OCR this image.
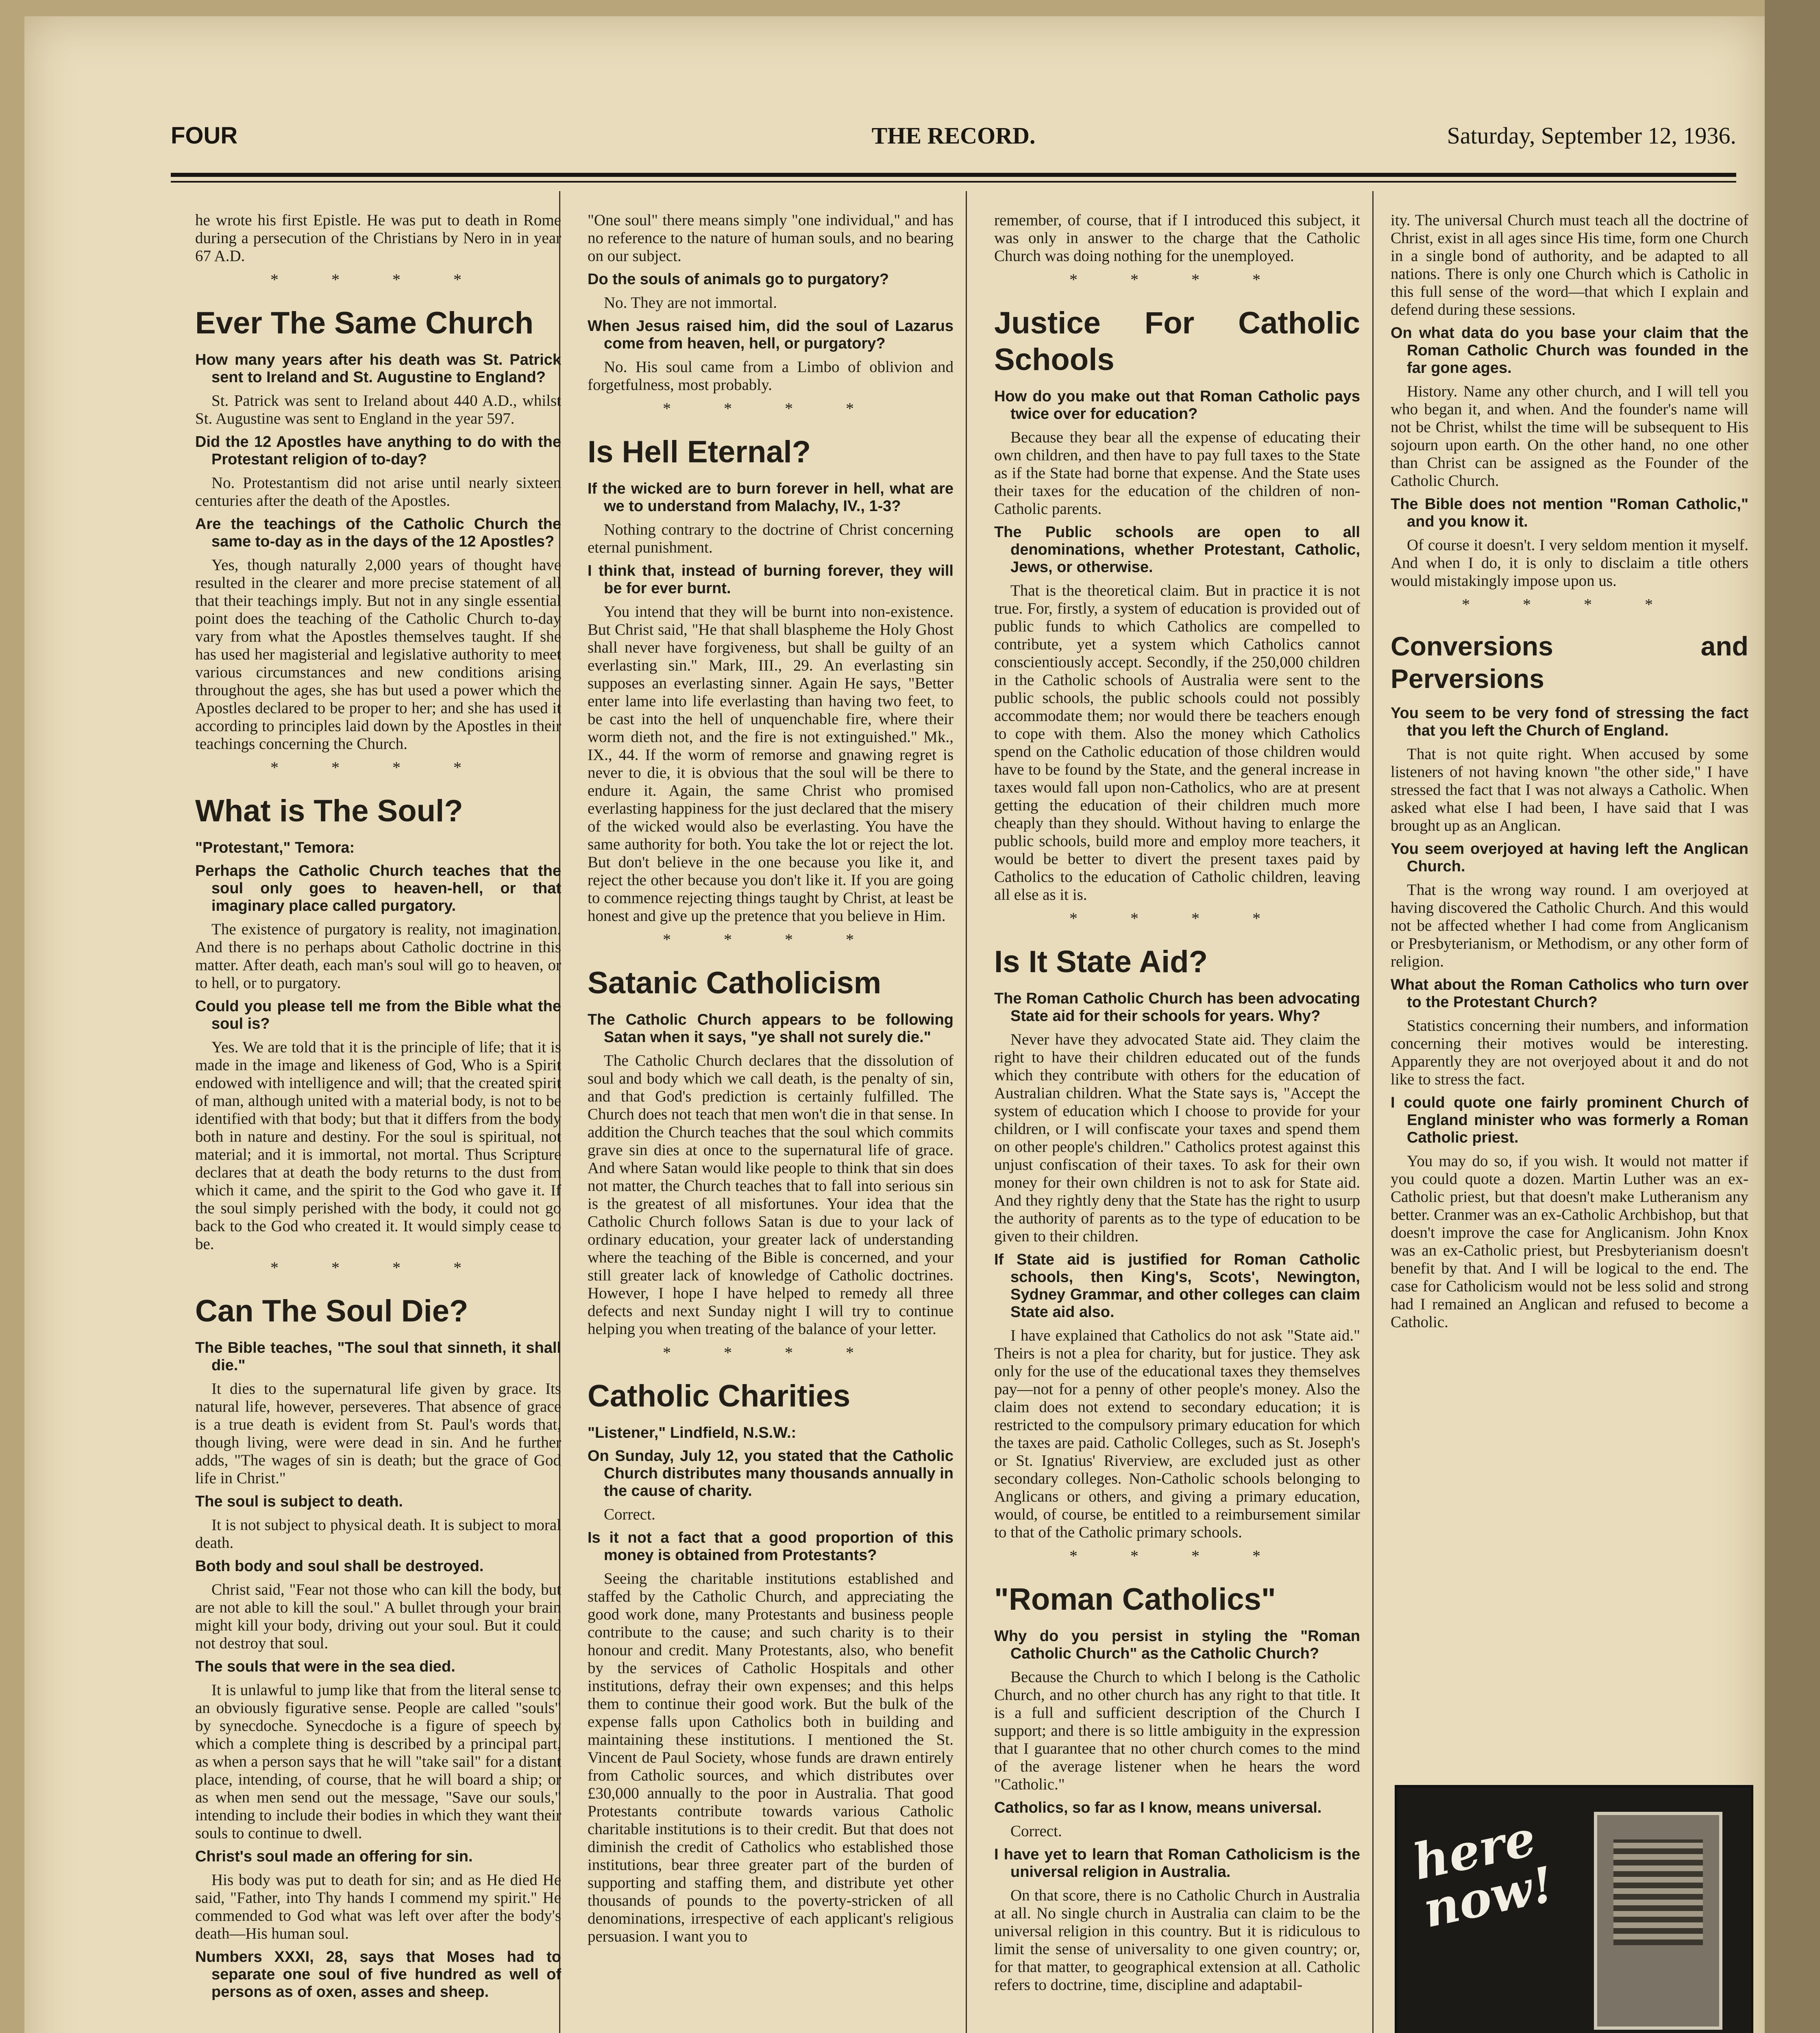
FOUR	THE RECORD.	Saturday, September 12, 1936.

he wrote his first Epistle. He was put to death in Rome during a persecution of the Christians by Nero in in year 67 A.D.

* * * *
Ever The Same Church
How many years after his death was St. Patrick sent to Ireland and St. Augustine to England?

St. Patrick was sent to Ireland about 440 A.D., whilst St. Augustine was sent to England in the year 597.

Did the 12 Apostles have anything to do with the Protestant religion of to-day?

No. Protestantism did not arise until nearly sixteen centuries after the death of the Apostles.

Are the teachings of the Catholic Church the same to-day as in the days of the 12 Apostles?

Yes, though naturally 2,000 years of thought have resulted in the clearer and more precise statement of all that their teachings imply. But not in any single essential point does the teaching of the Catholic Church to-day vary from what the Apostles themselves taught. If she has used her magisterial and legislative authority to meet various circumstances and new conditions arising throughout the ages, she has but used a power which the Apostles declared to be proper to her; and she has used it according to principles laid down by the Apostles in their teachings concerning the Church.

* * * *
What is The Soul?
"Protestant," Temora:
Perhaps the Catholic Church teaches that the soul only goes to heaven-hell, or that imaginary place called purgatory.

The existence of purgatory is reality, not imagination. And there is no perhaps about Catholic doctrine in this matter. After death, each man's soul will go to heaven, or to hell, or to purgatory.

Could you please tell me from the Bible what the soul is?

Yes. We are told that it is the principle of life; that it is made in the image and likeness of God, Who is a Spirit endowed with intelligence and will; that the created spirit of man, although united with a material body, is not to be identified with that body; but that it differs from the body both in nature and destiny. For the soul is spiritual, not material; and it is immortal, not mortal. Thus Scripture declares that at death the body returns to the dust from which it came, and the spirit to the God who gave it. If the soul simply perished with the body, it could not go back to the God who created it. It would simply cease to be.

* * * *
Can The Soul Die?
The Bible teaches, "The soul that sinneth, it shall die."

It dies to the supernatural life given by grace. Its natural life, however, perseveres. That absence of grace is a true death is evident from St. Paul's words that, though living, were were dead in sin. And he further adds, "The wages of sin is death; but the grace of God life in Christ."

The soul is subject to death.

It is not subject to physical death. It is subject to moral death.

Both body and soul shall be destroyed.

Christ said, "Fear not those who can kill the body, but are not able to kill the soul." A bullet through your brain might kill your body, driving out your soul. But it could not destroy that soul.

The souls that were in the sea died.

It is unlawful to jump like that from the literal sense to an obviously figurative sense. People are called "souls" by synecdoche. Synecdoche is a figure of speech by which a complete thing is described by a principal part, as when a person says that he will "take sail" for a distant place, intending, of course, that he will board a ship; or as when men send out the message, "Save our souls," intending to include their bodies in which they want their souls to continue to dwell.

Christ's soul made an offering for sin.

His body was put to death for sin; and as He died He said, "Father, into Thy hands I commend my spirit." He commended to God what was left over after the body's death—His human soul.

Numbers XXXI, 28, says that Moses had to separate one soul of five hundred as well of persons as of oxen, asses and sheep.

"One soul" there means simply "one individual," and has no reference to the nature of human souls, and no bearing on our subject.

Do the souls of animals go to purgatory?

No. They are not immortal.

When Jesus raised him, did the soul of Lazarus come from heaven, hell, or purgatory?

No. His soul came from a Limbo of oblivion and forgetfulness, most probably.

* * * *
Is Hell Eternal?
If the wicked are to burn forever in hell, what are we to understand from Malachy, IV., 1-3?

Nothing contrary to the doctrine of Christ concerning eternal punishment.

I think that, instead of burning forever, they will be for ever burnt.

You intend that they will be burnt into non-existence. But Christ said, "He that shall blaspheme the Holy Ghost shall never have forgiveness, but shall be guilty of an everlasting sin." Mark, III., 29. An everlasting sin supposes an everlasting sinner. Again He says, "Better enter lame into life everlasting than having two feet, to be cast into the hell of unquenchable fire, where their worm dieth not, and the fire is not extinguished." Mk., IX., 44. If the worm of remorse and gnawing regret is never to die, it is obvious that the soul will be there to endure it. Again, the same Christ who promised everlasting happiness for the just declared that the misery of the wicked would also be everlasting. You have the same authority for both. You take the lot or reject the lot. But don't believe in the one because you like it, and reject the other because you don't like it. If you are going to commence rejecting things taught by Christ, at least be honest and give up the pretence that you believe in Him.

* * * *
Satanic Catholicism
The Catholic Church appears to be following Satan when it says, "ye shall not surely die."

The Catholic Church declares that the dissolution of soul and body which we call death, is the penalty of sin, and that God's prediction is certainly fulfilled. The Church does not teach that men won't die in that sense. In addition the Church teaches that the soul which commits grave sin dies at once to the supernatural life of grace. And where Satan would like people to think that sin does not matter, the Church teaches that to fall into serious sin is the greatest of all misfortunes. Your idea that the Catholic Church follows Satan is due to your lack of ordinary education, your greater lack of understanding where the teaching of the Bible is concerned, and your still greater lack of knowledge of Catholic doctrines. However, I hope I have helped to remedy all three defects and next Sunday night I will try to continue helping you when treating of the balance of your letter.

* * * *
Catholic Charities
"Listener," Lindfield, N.S.W.:
On Sunday, July 12, you stated that the Catholic Church distributes many thousands annually in the cause of charity.

Correct.

Is it not a fact that a good proportion of this money is obtained from Protestants?

Seeing the charitable institutions established and staffed by the Catholic Church, and appreciating the good work done, many Protestants and business people contribute to the cause; and such charity is to their honour and credit. Many Protestants, also, who benefit by the services of Catholic Hospitals and other institutions, defray their own expenses; and this helps them to continue their good work. But the bulk of the expense falls upon Catholics both in building and maintaining these institutions. I mentioned the St. Vincent de Paul Society, whose funds are drawn entirely from Catholic sources, and which distributes over £30,000 annually to the poor in Australia. That good Protestants contribute towards various Catholic charitable institutions is to their credit. But that does not diminish the credit of Catholics who established those institutions, bear three greater part of the burden of supporting and staffing them, and distribute yet other thousands of pounds to the poverty-stricken of all denominations, irrespective of each applicant's religious persuasion. I want you to

remember, of course, that if I introduced this subject, it was only in answer to the charge that the Catholic Church was doing nothing for the unemployed.

* * * *
Justice For Catholic Schools
How do you make out that Roman Catholic pays twice over for education?

Because they bear all the expense of educating their own children, and then have to pay full taxes to the State as if the State had borne that expense. And the State uses their taxes for the education of the children of non-Catholic parents.

The Public schools are open to all denominations, whether Protestant, Catholic, Jews, or otherwise.

That is the theoretical claim. But in practice it is not true. For, firstly, a system of education is provided out of public funds to which Catholics are compelled to contribute, yet a system which Catholics cannot conscientiously accept. Secondly, if the 250,000 children in the Catholic schools of Australia were sent to the public schools, the public schools could not possibly accommodate them; nor would there be teachers enough to cope with them. Also the money which Catholics spend on the Catholic education of those children would have to be found by the State, and the general increase in taxes would fall upon non-Catholics, who are at present getting the education of their children much more cheaply than they should. Without having to enlarge the public schools, build more and employ more teachers, it would be better to divert the present taxes paid by Catholics to the education of Catholic children, leaving all else as it is.

* * * *
Is It State Aid?
The Roman Catholic Church has been advocating State aid for their schools for years. Why?

Never have they advocated State aid. They claim the right to have their children educated out of the funds which they contribute with others for the education of Australian children. What the State says is, "Accept the system of education which I choose to provide for your children, or I will confiscate your taxes and spend them on other people's children." Catholics protest against this unjust confiscation of their taxes. To ask for their own money for their own children is not to ask for State aid. And they rightly deny that the State has the right to usurp the authority of parents as to the type of education to be given to their children.

If State aid is justified for Roman Catholic schools, then King's, Scots', Newington, Sydney Grammar, and other colleges can claim State aid also.

I have explained that Catholics do not ask "State aid." Theirs is not a plea for charity, but for justice. They ask only for the use of the educational taxes they themselves pay—not for a penny of other people's money. Also the claim does not extend to secondary education; it is restricted to the compulsory primary education for which the taxes are paid. Catholic Colleges, such as St. Joseph's or St. Ignatius' Riverview, are excluded just as other secondary colleges. Non-Catholic schools belonging to Anglicans or others, and giving a primary education, would, of course, be entitled to a reimbursement similar to that of the Catholic primary schools.

* * * *
"Roman Catholics"
Why do you persist in styling the "Roman Catholic Church" as the Catholic Church?

Because the Church to which I belong is the Catholic Church, and no other church has any right to that title. It is a full and sufficient description of the Church I support; and there is so little ambiguity in the expression that I guarantee that no other church comes to the mind of the average listener when he hears the word "Catholic."

Catholics, so far as I know, means universal.

Correct.

I have yet to learn that Roman Catholicism is the universal religion in Australia.

On that score, there is no Catholic Church in Australia at all. No single church in Australia can claim to be the universal religion in this country. But it is ridiculous to limit the sense of universality to one given country; or, for that matter, to geographical extension at all. Catholic refers to doctrine, time, discipline and adaptabil-

ity. The universal Church must teach all the doctrine of Christ, exist in all ages since His time, form one Church in a single bond of authority, and be adapted to all nations. There is only one Church which is Catholic in this full sense of the word—that which I explain and defend during these sessions.

On what data do you base your claim that the Roman Catholic Church was founded in the far gone ages.

History. Name any other church, and I will tell you who began it, and when. And the founder's name will not be Christ, whilst the time will be subsequent to His sojourn upon earth. On the other hand, no one other than Christ can be assigned as the Founder of the Catholic Church.

The Bible does not mention "Roman Catholic," and you know it.

Of course it doesn't. I very seldom mention it myself. And when I do, it is only to disclaim a title others would mistakingly impose upon us.

* * * *
Conversions and Perversions
You seem to be very fond of stressing the fact that you left the Church of England.

That is not quite right. When accused by some listeners of not having known "the other side," I have stressed the fact that I was not always a Catholic. When asked what else I had been, I have said that I was brought up as an Anglican.

You seem overjoyed at having left the Anglican Church.

That is the wrong way round. I am overjoyed at having discovered the Catholic Church. And this would not be affected whether I had come from Anglicanism or Presbyterianism, or Methodism, or any other form of religion.

What about the Roman Catholics who turn over to the Protestant Church?

Statistics concerning their numbers, and information concerning their motives would be interesting. Apparently they are not overjoyed about it and do not like to stress the fact.

I could quote one fairly prominent Church of England minister who was formerly a Roman Catholic priest.

You may do so, if you wish. It would not matter if you could quote a dozen. Martin Luther was an ex-Catholic priest, but that doesn't make Lutheranism any better. Cranmer was an ex-Catholic Archbishop, but that doesn't improve the case for Anglicanism. John Knox was an ex-Catholic priest, but Presbyterianism doesn't benefit by that. And I will be logical to the end. The case for Catholicism would not be less solid and strong had I remained an Anglican and refused to become a Catholic.

here now!
